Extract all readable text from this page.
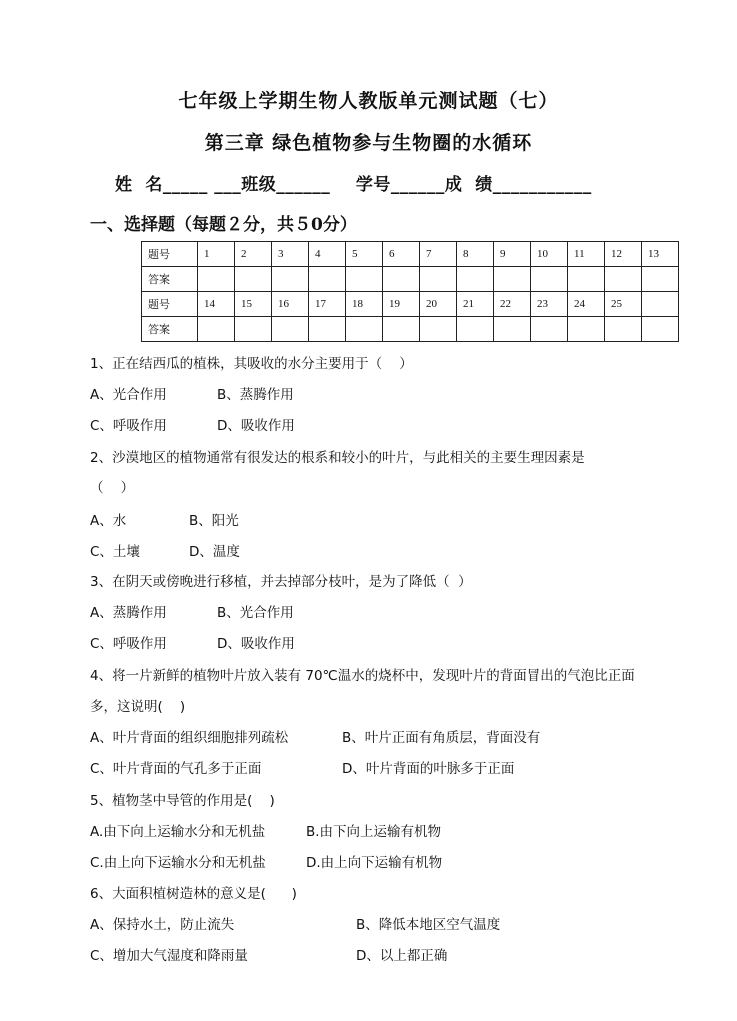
七年级上学期生物人教版单元测试题（七）
第三章 绿色植物参与生物圈的水循环
姓  名_____ ___班级______    学号______成  绩___________
一、选择题（每题２分，共５0分）
题号	1	2	3	4	5	6	7	8	9	10	11	12	13
答案													
题号	14	15	16	17	18	19	20	21	22	23	24	25	
答案													
1、正在结西瓜的植株，其吸收的水分主要用于（    ）
A、光合作用	B、蒸腾作用
C、呼吸作用	D、吸收作用
2、沙漠地区的植物通常有很发达的根系和较小的叶片，与此相关的主要生理因素是
（    ）
A、水	B、阳光
C、土壤	D、温度
3、在阴天或傍晚进行移植，并去掉部分枝叶，是为了降低（  ）
A、蒸腾作用	B、光合作用
C、呼吸作用	D、吸收作用
4、将一片新鲜的植物叶片放入装有 70℃温水的烧杯中，发现叶片的背面冒出的气泡比正面
多，这说明(    )
A、叶片背面的组织细胞排列疏松	B、叶片正面有角质层，背面没有
C、叶片背面的气孔多于正面	D、叶片背面的叶脉多于正面
5、植物茎中导管的作用是(    )
A.由下向上运输水分和无机盐	B.由下向上运输有机物
C.由上向下运输水分和无机盐	D.由上向下运输有机物
6、大面积植树造林的意义是(      )
A、保持水土，防止流失	B、降低本地区空气温度
C、增加大气湿度和降雨量	D、以上都正确
